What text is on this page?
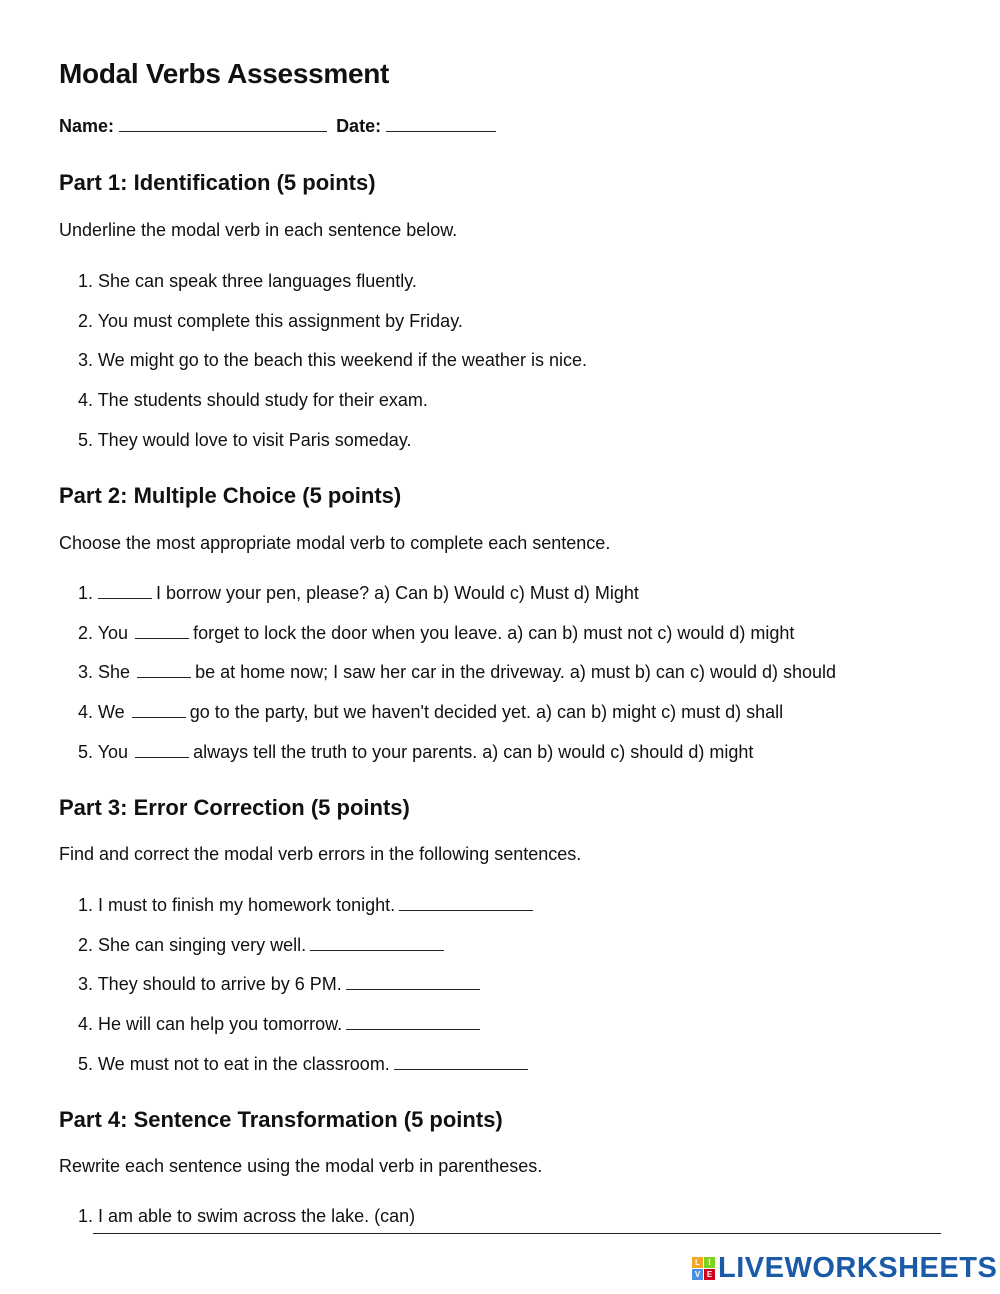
Modal Verbs Assessment
Name:	Date:
Part 1: Identification (5 points)

Underline the modal verb in each sentence below.

1. She can speak three languages fluently.
2. You must complete this assignment by Friday.
3. We might go to the beach this weekend if the weather is nice.
4. The students should study for their exam.
5. They would love to visit Paris someday.
Part 2: Multiple Choice (5 points)

Choose the most appropriate modal verb to complete each sentence.

1.	I borrow your pen, please? a) Can b) Would c) Must d) Might
2. You	forget to lock the door when you leave. a) can b) must not c) would d) might
3. She	be at home now; I saw her car in the driveway. a) must b) can c) would d) should
4. We	go to the party, but we haven't decided yet. a) can b) might c) must d) shall
5. You	always tell the truth to your parents. a) can b) would c) should d) might
Part 3: Error Correction (5 points)

Find and correct the modal verb errors in the following sentences.

1. I must to finish my homework tonight.
2. She can singing very well.
3. They should to arrive by 6 PM.
4. He will can help you tomorrow.
5. We must not to eat in the classroom.
Part 4: Sentence Transformation (5 points)

Rewrite each sentence using the modal verb in parentheses.

1. I am able to swim across the lake. (can)
L	I
V E LIVEWORKSHEETS
